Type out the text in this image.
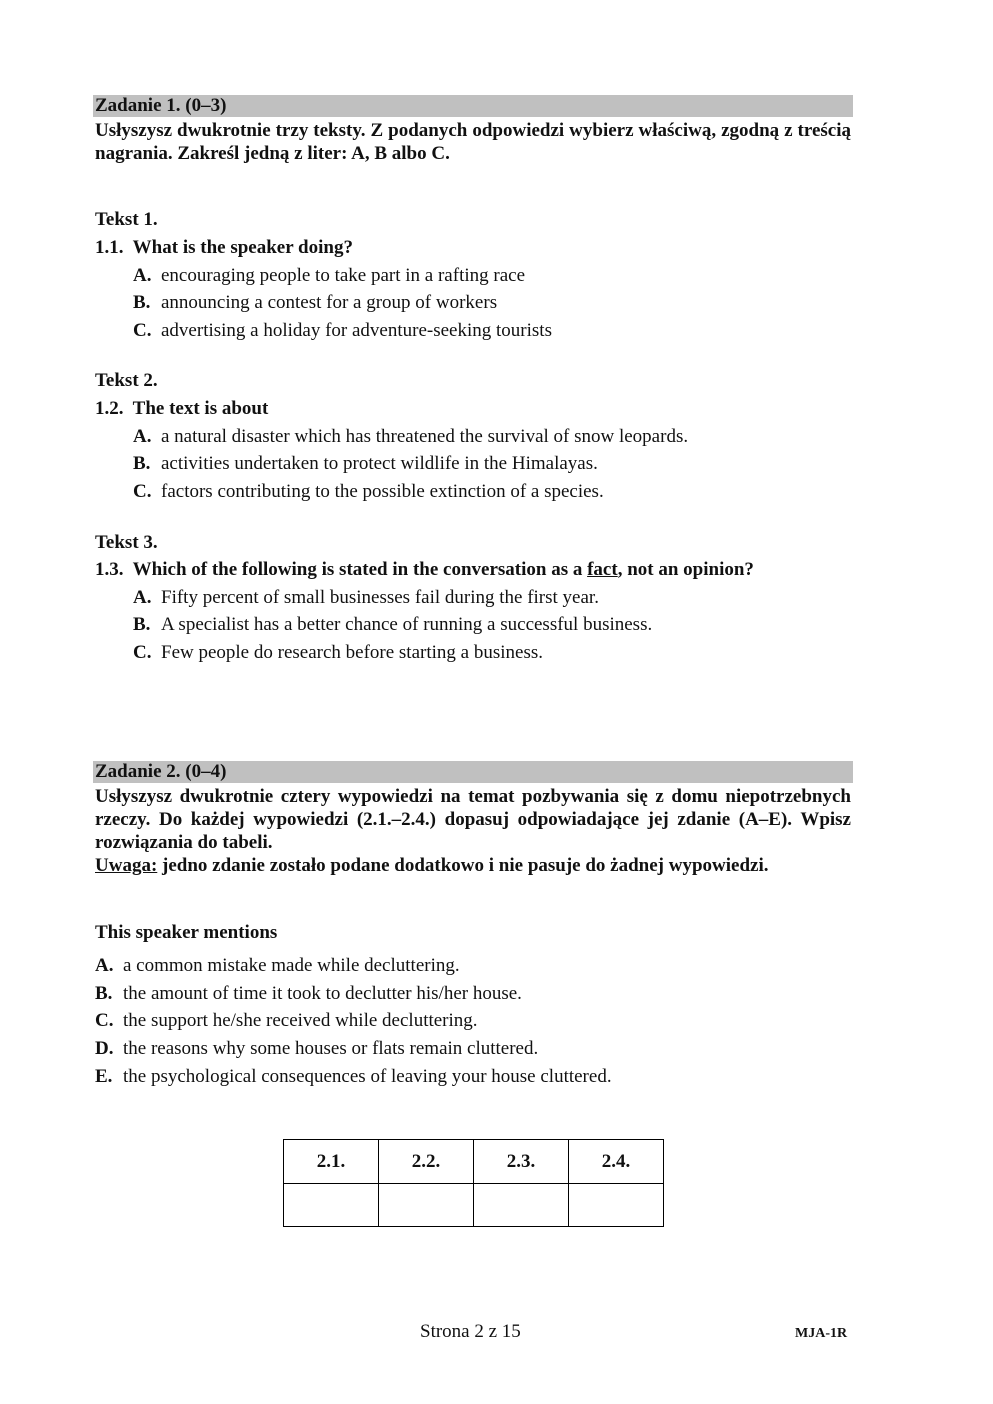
Zadanie 1. (0–3)
Usłyszysz dwukrotnie trzy teksty. Z podanych odpowiedzi wybierz właściwą, zgodną z treścią nagrania. Zakreśl jedną z liter: A, B albo C.
Tekst 1.
1.1. What is the speaker doing?
A. encouraging people to take part in a rafting race
B. announcing a contest for a group of workers
C. advertising a holiday for adventure-seeking tourists
Tekst 2.
1.2. The text is about
A. a natural disaster which has threatened the survival of snow leopards.
B. activities undertaken to protect wildlife in the Himalayas.
C. factors contributing to the possible extinction of a species.
Tekst 3.
1.3. Which of the following is stated in the conversation as a fact, not an opinion?
A. Fifty percent of small businesses fail during the first year.
B. A specialist has a better chance of running a successful business.
C. Few people do research before starting a business.
Zadanie 2. (0–4)
Usłyszysz dwukrotnie cztery wypowiedzi na temat pozbywania się z domu niepotrzebnych rzeczy. Do każdej wypowiedzi (2.1.–2.4.) dopasuj odpowiadające jej zdanie (A–E). Wpisz rozwiązania do tabeli.
Uwaga: jedno zdanie zostało podane dodatkowo i nie pasuje do żadnej wypowiedzi.
This speaker mentions
A. a common mistake made while decluttering.
B. the amount of time it took to declutter his/her house.
C. the support he/she received while decluttering.
D. the reasons why some houses or flats remain cluttered.
E. the psychological consequences of leaving your house cluttered.
2.1.	2.2.	2.3.	2.4.

Strona 2 z 15	MJA-1R
